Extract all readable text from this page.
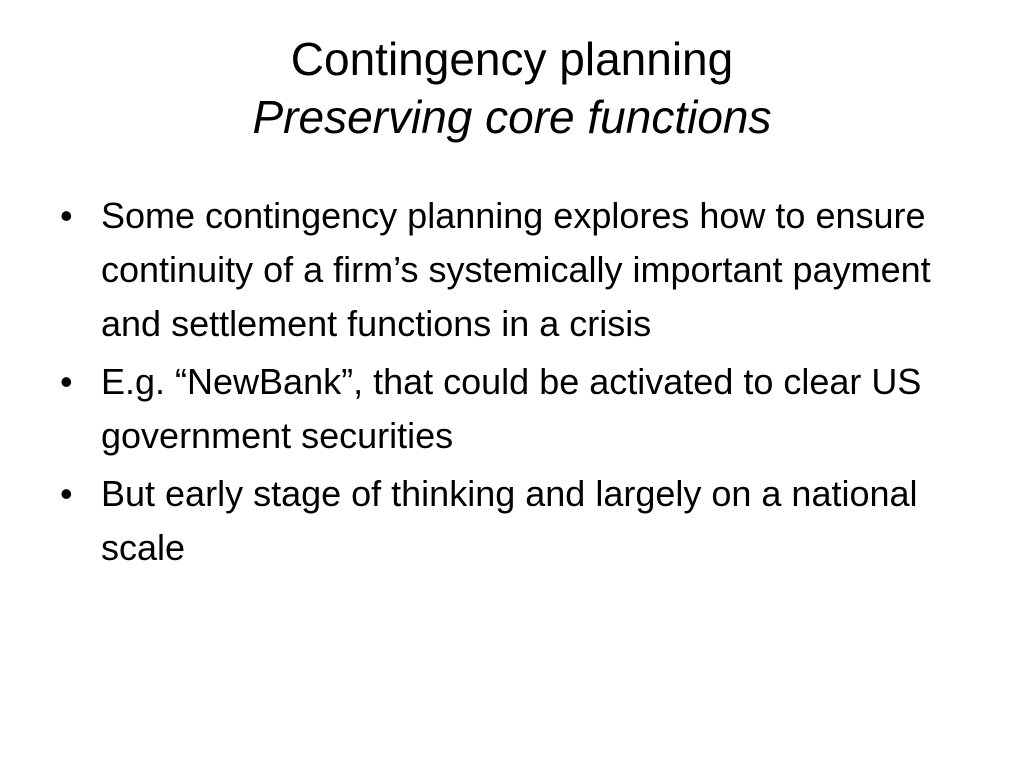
Contingency planning
Preserving core functions
• Some contingency planning explores how to ensure continuity of a firm’s systemically important payment and settlement functions in a crisis
• E.g. “NewBank”, that could be activated to clear US government securities
• But early stage of thinking and largely on a national scale
